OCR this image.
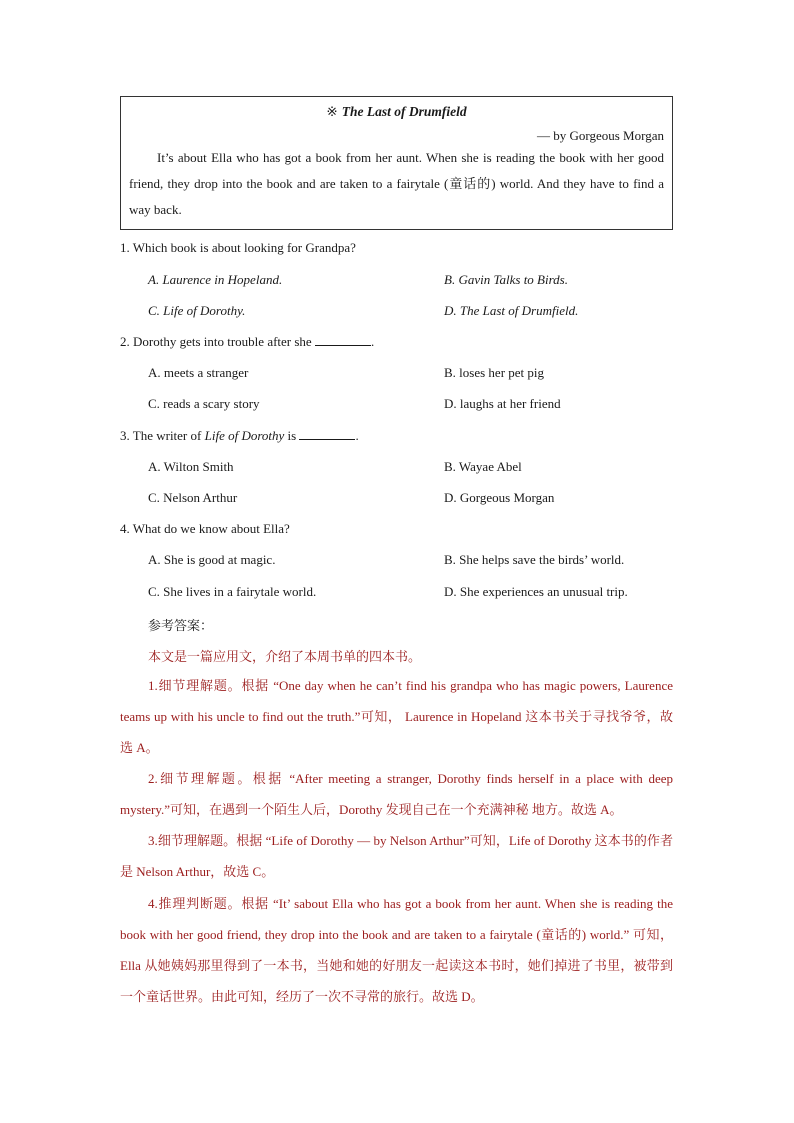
※ The Last of Drumfield
— by Gorgeous Morgan
It’s about Ella who has got a book from her aunt. When she is reading the book with her good friend, they drop into the book and are taken to a fairytale (童话的) world. And they have to find a way back.
1. Which book is about looking for Grandpa?
A. Laurence in Hopeland.	B. Gavin Talks to Birds.
C. Life of Dorothy.	D. The Last of Drumfield.
2. Dorothy gets into trouble after she	.
A. meets a stranger	B. loses her pet pig
C. reads a scary story	D. laughs at her friend
3. The writer of Life of Dorothy is	.
A. Wilton Smith	B. Wayae Abel
C. Nelson Arthur	D. Gorgeous Morgan
4. What do we know about Ella?
A. She is good at magic.	B. She helps save the birds’ world.
C. She lives in a fairytale world.	D. She experiences an unusual trip.
参考答案：
本文是一篇应用文，介绍了本周书单的四本书。
1.细节理解题。根据 “One day when he can’t find his grandpa who has magic powers, Laurence teams up with his uncle to find out the truth.”可知， Laurence in Hopeland 这本书关于寻找爷爷，故选 A。
2.细节理解题。根据 “After meeting a stranger, Dorothy finds herself in a place with deep mystery.”可知，在遇到一个陌生人后，Dorothy 发现自己在一个充满神秘 地方。故选 A。
3.细节理解题。根据 “Life of Dorothy — by Nelson Arthur”可知，Life of Dorothy 这本书的作者是 Nelson Arthur，故选 C。
4.推理判断题。根据 “It’ sabout Ella who has got a book from her aunt. When she is reading the book with her good friend, they drop into the book and are taken to a fairytale (童话的) world.” 可知，Ella 从她姨妈那里得到了一本书，当她和她的好朋友一起读这本书时，她们掉进了书里，被带到一个童话世界。由此可知，经历了一次不寻常的旅行。故选 D。
